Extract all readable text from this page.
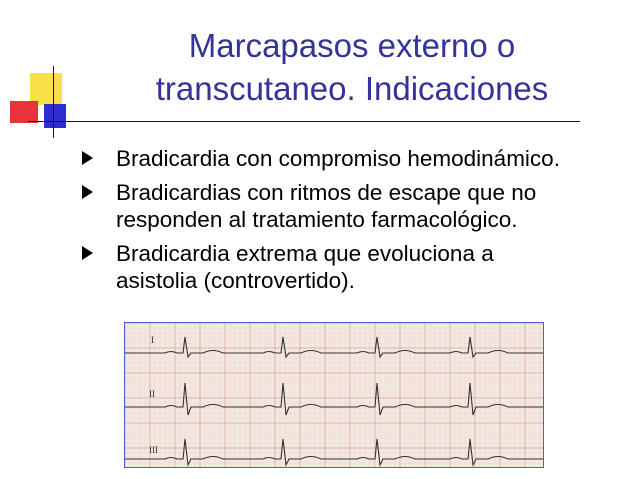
Marcapasos externo o
transcutaneo. Indicaciones
Bradicardia con compromiso hemodinámico.
Bradicardias con ritmos de escape que no
responden al tratamiento farmacológico.
Bradicardia extrema que evoluciona a
asistolia (controvertido).
I
II
III
